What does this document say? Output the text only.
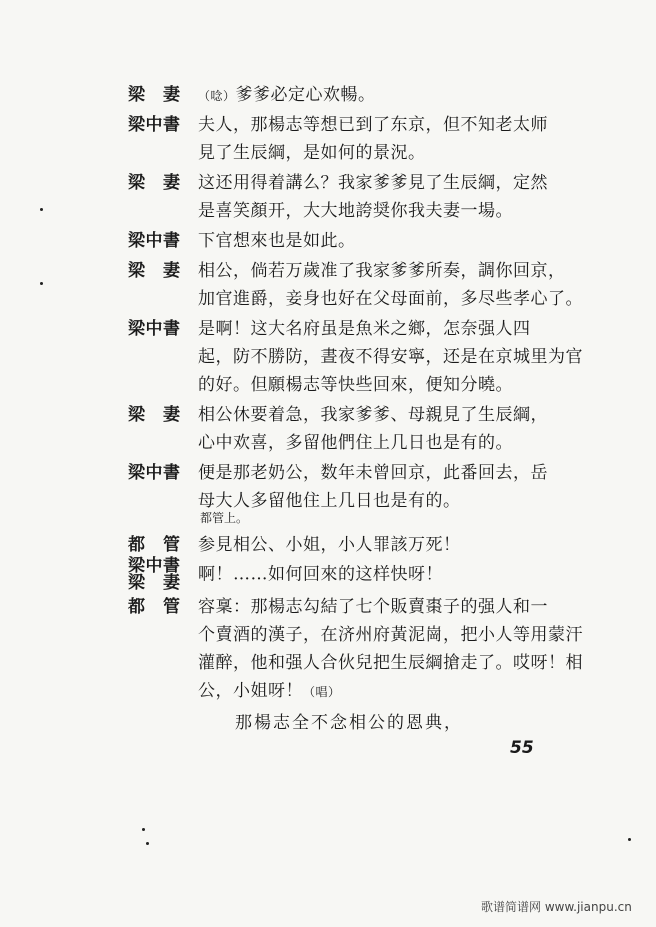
梁　妻 （唸）爹爹必定心欢暢。
梁中書 夫人，那楊志等想已到了东京，但不知老太师
見了生辰綱，是如何的景況。
梁　妻 这还用得着講么？我家爹爹見了生辰綱，定然
是喜笑顏开，大大地誇奨你我夫妻一場。
梁中書 下官想來也是如此。
梁　妻 相公，倘若万歲准了我家爹爹所奏，調你回京，
加官進爵，妾身也好在父母面前，多尽些孝心了。
梁中書 是啊！这大名府虽是魚米之鄉，怎奈强人四
起，防不勝防，晝夜不得安寧，还是在京城里为官
的好。但願楊志等快些回來，便知分曉。
梁　妻 相公休要着急，我家爹爹、母親見了生辰綱，
心中欢喜，多留他們住上几日也是有的。
梁中書 便是那老奶公，数年未曾回京，此番回去，岳
母大人多留他住上几日也是有的。
都管上。
都　管 参見相公、小姐，小人罪該万死！
梁中書
梁　妻	啊！……如何回來的这样快呀！
都　管 容稟：那楊志勾結了七个販賣棗子的强人和一
个賣酒的漢子，在济州府黃泥崗，把小人等用蒙汗
灌醉，他和强人合伙兒把生辰綱搶走了。哎呀！相
公，小姐呀！（唱）
那楊志全不念相公的恩典，
55
歌谱简谱网 www.jianpu.cn
